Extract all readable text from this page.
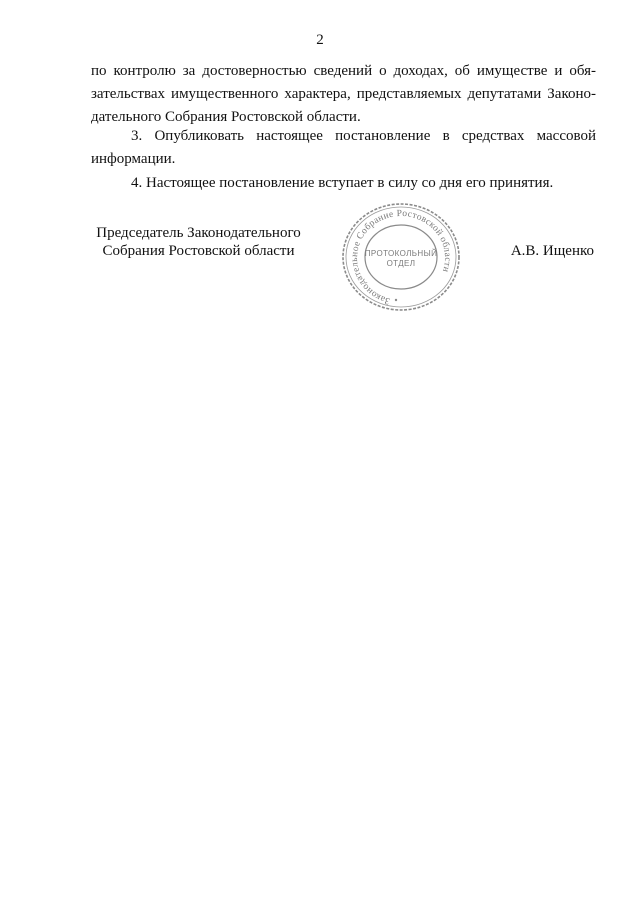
2
по контролю за достоверностью сведений о доходах, об имуществе и обя-
зательствах имущественного характера, представляемых депутатами Законо-
дательного Собрания Ростовской области.
3. Опубликовать настоящее постановление в средствах массовой
информации.
4. Настоящее постановление вступает в силу со дня его принятия.
Председатель Законодательного
Собрания Ростовской области
Законодательное Собрание Ростовской области
ПРОТОКОЛЬНЫЙ
ОТДЕЛ
А.В. Ищенко
